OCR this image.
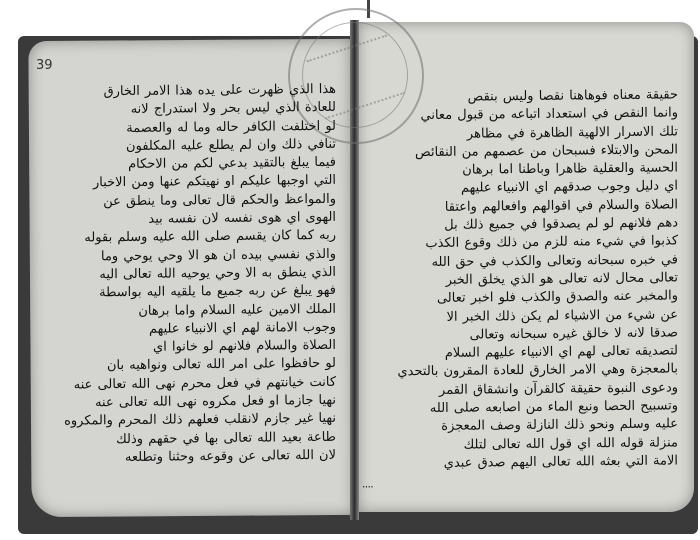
39
هذا الذي ظهرت على يده هذا الامر الخارق
للعادة الذي ليس بحر ولا استدراج لانه
لو اختلفت الكافر حاله وما له والعصمة
تنافي ذلك وان لم يطلع عليه المكلفون
فيما يبلغ بالتقيد بدعي لكم من الاحكام
التي اوجبها عليكم او نهيتكم عنها ومن الاخبار
والمواعظ والحكم قال تعالى وما ينطق عن
الهوى اي هوى نفسه لان نفسه بيد
ربه كما كان يقسم صلى الله عليه وسلم بقوله
والذي نفسي بيده ان هو الا وحي يوحي وما
الذي ينطق به الا وحي يوحيه الله تعالى اليه
فهو يبلغ عن ربه جميع ما يلقيه اليه بواسطة
الملك الامين عليه السلام واما برهان
وجوب الامانة لهم اي الانبياء عليهم
الصلاة والسلام فلانهم لو خانوا اي
لو حافظوا على امر الله تعالى ونواهيه بان
كانت خيانتهم في فعل محرم نهى الله تعالى عنه
نهيا جازما او فعل مكروه نهى الله تعالى عنه
نهيا غير جازم لانقلب فعلهم ذلك المحرم والمكروه
طاعة بعيد الله تعالى بها في حقهم وذلك
لان الله تعالى عن وقوعه وحثنا وتطلعه
حقيقة معناه فوهاهنا نقصا وليس بنقص
وانما النقص في استعداد اتباعه من قبول معاني
تلك الاسرار الالهية الظاهرة في مظاهر
المحن والابتلاء فسبحان من عصمهم من النقائص
الحسية والعقلية ظاهرا وباطنا اما برهان
اي دليل وجوب صدقهم اي الانبياء عليهم
الصلاة والسلام في اقوالهم وافعالهم واعتقا
دهم فلانهم لو لم يصدقوا في جميع ذلك بل
كذبوا في شيء منه للزم من ذلك وقوع الكذب
في خبره سبحانه وتعالى والكذب في حق الله
تعالى محال لانه تعالى هو الذي يخلق الخبر
والمخبر عنه والصدق والكذب فلو اخبر تعالى
عن شيء من الاشياء لم يكن ذلك الخبر الا
صدقا لانه لا خالق غيره سبحانه وتعالى
لتصديقه تعالى لهم اي الانبياء عليهم السلام
بالمعجزة وهي الامر الخارق للعادة المقرون بالتحدي
ودعوى النبوة حقيقة كالقرآن وانشقاق القمر
وتسبيح الحصا ونبع الماء من اصابعه صلى الله
عليه وسلم ونحو ذلك النازلة وصف المعجزة
منزلة قوله الله اي قول الله تعالى لتلك
الامة التي بعثه الله تعالى اليهم صدق عبدي
᠁
